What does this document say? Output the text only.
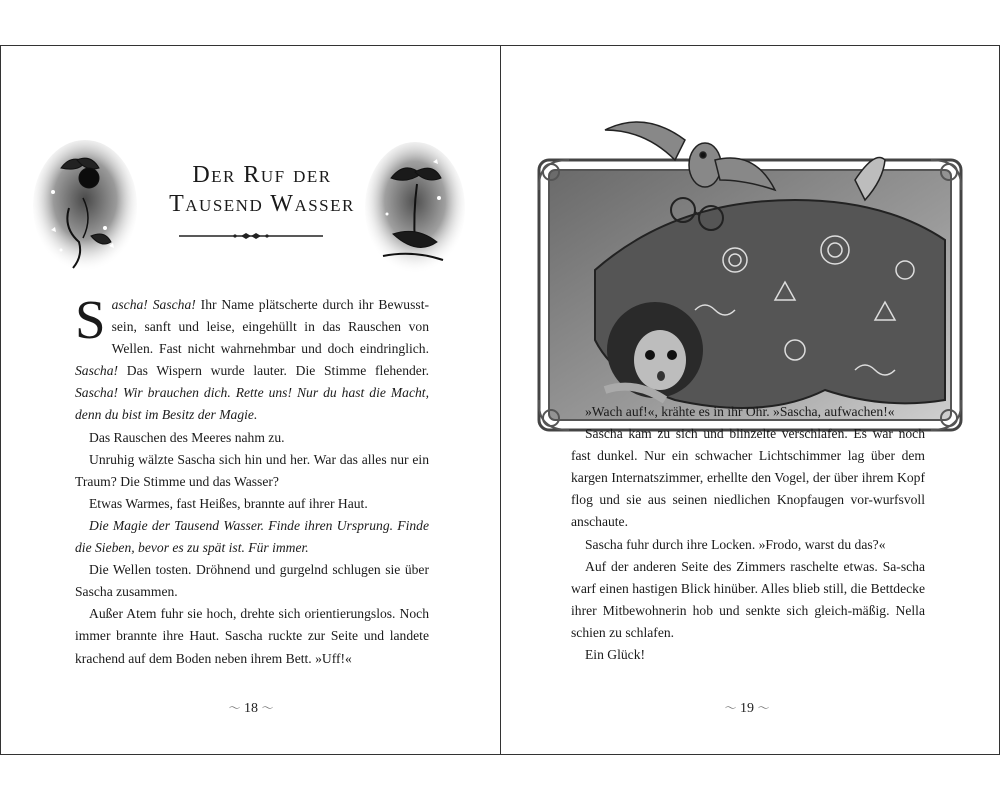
Der Ruf der
Tausend Wasser

Sascha! Sascha! Ihr Name plätscherte durch ihr Bewusst-sein, sanft und leise, eingehüllt in das Rauschen von Wellen. Fast nicht wahrnehmbar und doch eindringlich. Sascha! Das Wispern wurde lauter. Die Stimme flehender. Sascha! Wir brauchen dich. Rette uns! Nur du hast die Macht, denn du bist im Besitz der Magie.

Das Rauschen des Meeres nahm zu.

Unruhig wälzte Sascha sich hin und her. War das alles nur ein Traum? Die Stimme und das Wasser?

Etwas Warmes, fast Heißes, brannte auf ihrer Haut.

Die Magie der Tausend Wasser. Finde ihren Ursprung. Finde die Sieben, bevor es zu spät ist. Für immer.

Die Wellen tosten. Dröhnend und gurgelnd schlugen sie über Sascha zusammen.

Außer Atem fuhr sie hoch, drehte sich orientierungslos. Noch immer brannte ihre Haut. Sascha ruckte zur Seite und landete krachend auf dem Boden neben ihrem Bett. »Uff!«

〜 18 〜

»Wach auf!«, krähte es in ihr Ohr. »Sascha, aufwachen!«

Sascha kam zu sich und blinzelte verschlafen. Es war noch fast dunkel. Nur ein schwacher Lichtschimmer lag über dem kargen Internatszimmer, erhellte den Vogel, der über ihrem Kopf flog und sie aus seinen niedlichen Knopfaugen vor-wurfsvoll anschaute.

Sascha fuhr durch ihre Locken. »Frodo, warst du das?«

Auf der anderen Seite des Zimmers raschelte etwas. Sa-scha warf einen hastigen Blick hinüber. Alles blieb still, die Bettdecke ihrer Mitbewohnerin hob und senkte sich gleich-mäßig. Nella schien zu schlafen.

Ein Glück!

〜 19 〜
